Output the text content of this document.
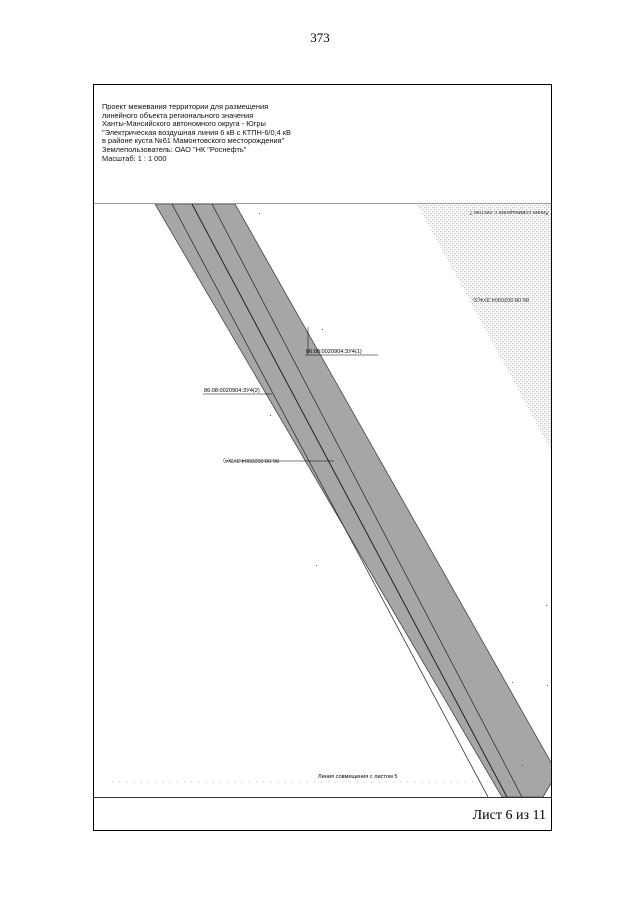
373
Проект межевания территории для размещения
линейного объекта регионального значения
Ханты-Мансийского автономного округа - Югры
"Электрическая воздушная линия 6 кВ с КТПН-6/0,4 кВ
в районе куста №61 Мамонтовского месторождения"
Землепользователь: ОАО "НК "Роснефть"
Масштаб: 1 : 1 000
86:08:0020904:ЗУ4(1)
86:08:0020904:ЗУ4(2)
86:08:0020904:ЗУЗ(4)
86:08:0020904:ЗУ4(3)
Линия совмещения с листом 7
Линия совмещения с листом 5
Лист 6 из 11
